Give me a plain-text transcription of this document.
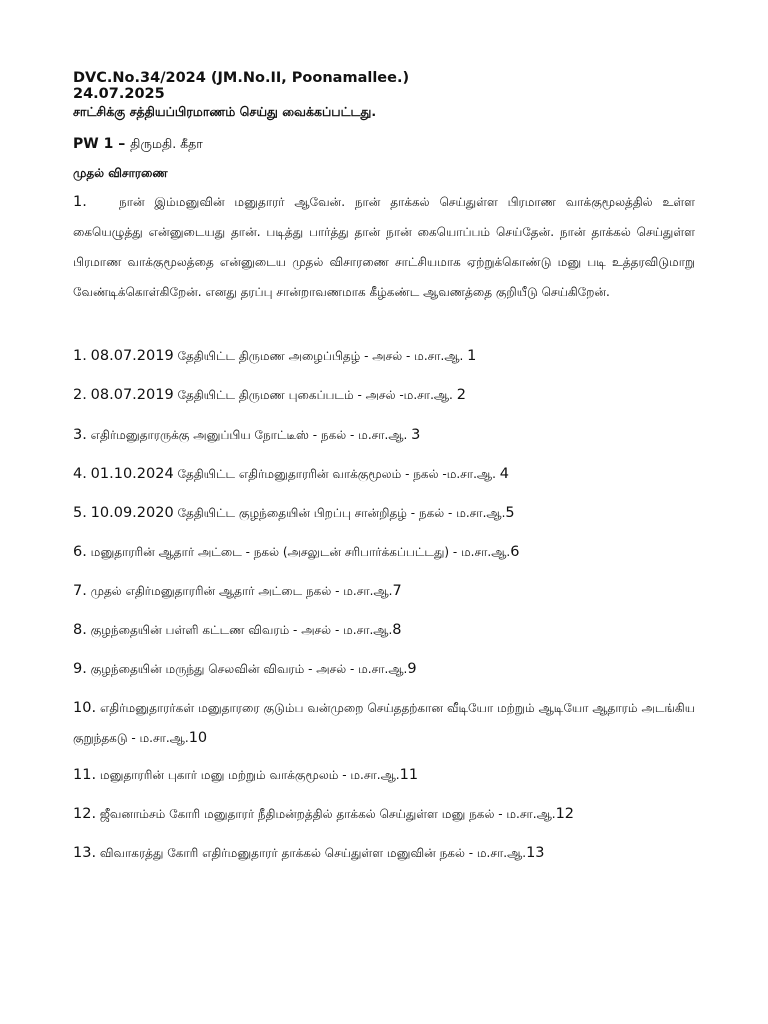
DVC.No.34/2024 (JM.No.II, Poonamallee.)
24.07.2025
சாட்சிக்கு சத்தியப்பிரமாணம் செய்து வைக்கப்பட்டது.
PW 1 – திருமதி. கீதா
முதல் விசாரணை
1.	நான் இம்மனுவின் மனுதாரர் ஆவேன். நான் தாக்கல் செய்துள்ள பிரமாண வாக்குமூலத்தில் உள்ள கையெழுத்து என்னுடையது தான். படித்து பார்த்து தான் நான் கையொப்பம் செய்தேன். நான் தாக்கல் செய்துள்ள பிரமாண வாக்குமூலத்தை என்னுடைய முதல் விசாரணை சாட்சியமாக ஏற்றுக்கொண்டு மனு படி உத்தரவிடுமாறு வேண்டிக்கொள்கிறேன். எனது தரப்பு சான்றாவணமாக கீழ்கண்ட ஆவணத்தை குறியீடு செய்கிறேன்.
1. 08.07.2019 தேதியிட்ட திருமண அழைப்பிதழ் - அசல் - ம.சா.ஆ. 1
2. 08.07.2019 தேதியிட்ட திருமண புகைப்படம் - அசல் -ம.சா.ஆ. 2
3. எதிர்மனுதாரருக்கு அனுப்பிய நோட்டீஸ் - நகல் - ம.சா.ஆ. 3
4. 01.10.2024 தேதியிட்ட எதிர்மனுதாரரின் வாக்குமூலம் - நகல் -ம.சா.ஆ. 4
5. 10.09.2020 தேதியிட்ட குழந்தையின் பிறப்பு சான்றிதழ் - நகல் - ம.சா.ஆ.5
6. மனுதாரரின் ஆதார் அட்டை - நகல் (அசலுடன் சரிபார்க்கப்பட்டது) - ம.சா.ஆ.6
7. முதல் எதிர்மனுதாரரின் ஆதார் அட்டை நகல் - ம.சா.ஆ.7
8. குழந்தையின் பள்ளி கட்டண விவரம் - அசல் - ம.சா.ஆ.8
9. குழந்தையின் மருந்து செலவின் விவரம் - அசல் - ம.சா.ஆ.9
10. எதிர்மனுதாரர்கள் மனுதாரரை குடும்ப வன்முறை செய்ததற்கான வீடியோ மற்றும் ஆடியோ ஆதாரம் அடங்கிய குறுந்தகடு - ம.சா.ஆ.10
11. மனுதாரரின் புகார் மனு மற்றும் வாக்குமூலம் - ம.சா.ஆ.11
12. ஜீவனாம்சம் கோரி மனுதாரர் நீதிமன்றத்தில் தாக்கல் செய்துள்ள மனு நகல் - ம.சா.ஆ.12
13. விவாகரத்து கோரி எதிர்மனுதாரர் தாக்கல் செய்துள்ள மனுவின் நகல் - ம.சா.ஆ.13
